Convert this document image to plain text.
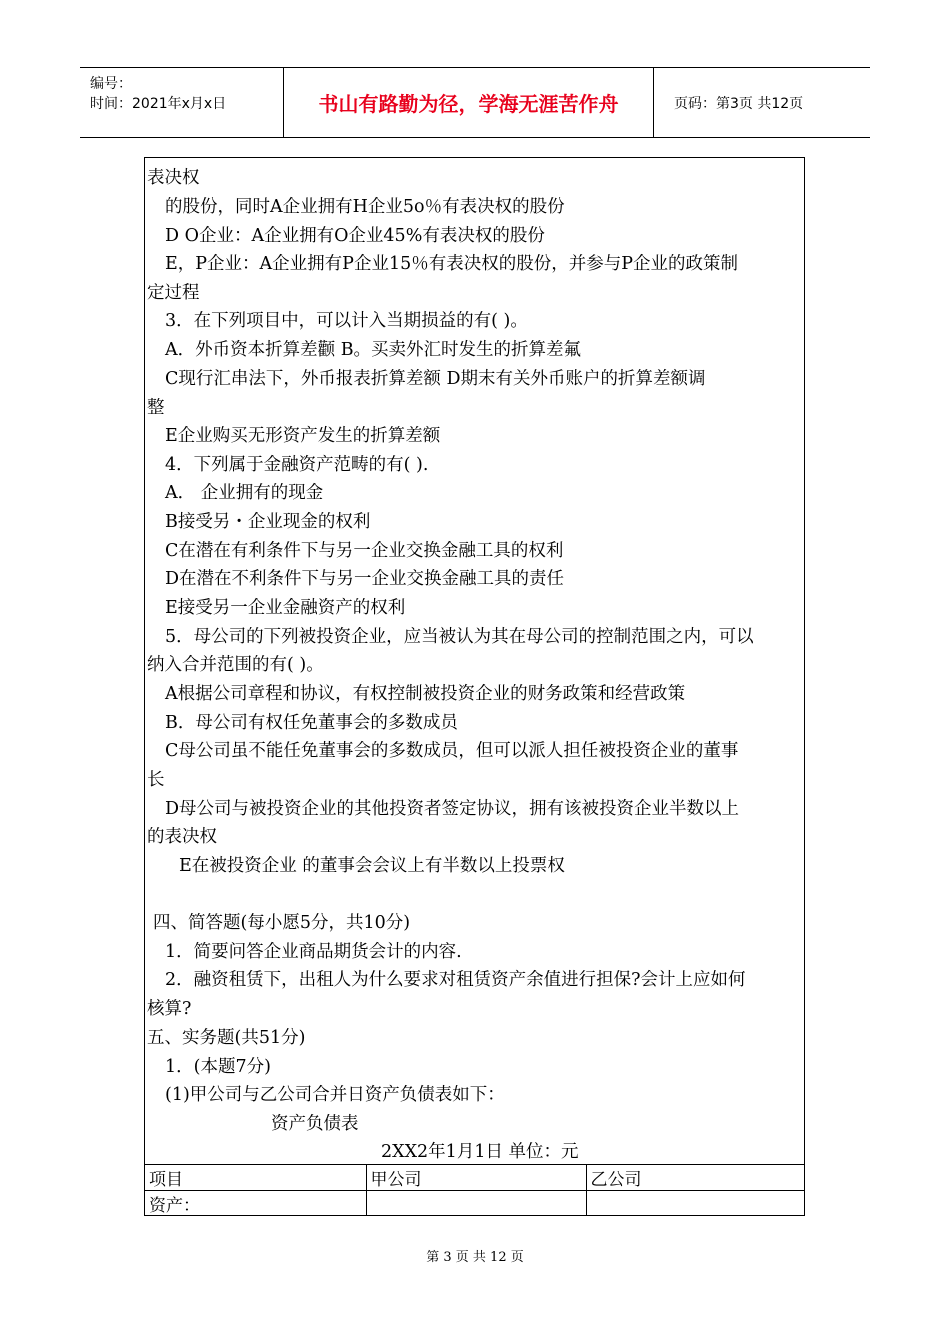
编号：
时间：2021年x月x日	书山有路勤为径，学海无涯苦作舟	页码：第3页 共12页
表决权
的股份，同时A企业拥有H企业5o％有表决权的股份
D O企业：A企业拥有O企业45%有表决权的股份
E，P企业：A企业拥有P企业15％有表决权的股份，并参与P企业的政策制
定过程
3．在下列项目中，可以计入当期损益的有( )。
A．外币资本折算差颧 B。买卖外汇时发生的折算差氟
C现行汇串法下，外币报表折算差额 D期末有关外币账户的折算差额调
整
E企业购买无形资产发生的折算差额
4．下列属于金融资产范畴的有( ).
A． 企业拥有的现金
B接受另・企业现金的权利
C在潜在有利条件下与另一企业交换金融工具的权利
D在潜在不利条件下与另一企业交换金融工具的责任
E接受另一企业金融资产的权利
5．母公司的下列被投资企业，应当被认为其在母公司的控制范围之内，可以
纳入合并范围的有( )。
A根据公司章程和协议，有权控制被投资企业的财务政策和经营政策
B．母公司有权任免董事会的多数成员
C母公司虽不能任免董事会的多数成员，但可以派人担任被投资企业的董事
长
D母公司与被投资企业的其他投资者签定协议，拥有该被投资企业半数以上
的表决权
E在被投资企业 的董事会会议上有半数以上投票权
四、简答题(每小愿5分，共10分)
1．简要问答企业商品期货会计的内容.
2．融资租赁下，出租人为什么要求对租赁资产余值进行担保?会计上应如何
核算?
五、实务题(共51分)
1．(本题7分)
(1)甲公司与乙公司合并日资产负债表如下：
资产负债表
2XX2年1月1日 单位：元
项目	甲公司	乙公司
资产：		
第 3 页 共 12 页
